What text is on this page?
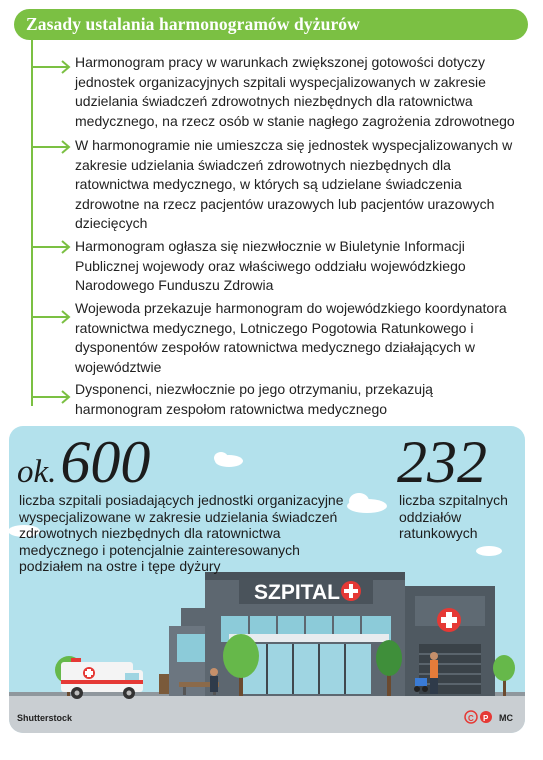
Zasady ustalania harmonogramów dyżurów
Harmonogram pracy w warunkach zwiększonej gotowości dotyczy jednostek organizacyjnych szpitali wyspecjalizowanych w zakresie udzielania świadczeń zdrowotnych niezbędnych dla ratownictwa medycznego, na rzecz osób w stanie nagłego zagrożenia zdrowotnego
W harmonogramie nie umieszcza się jednostek wyspecjalizowanych w zakresie udzielania świadczeń zdrowotnych niezbędnych dla ratownictwa medycznego, w których są udzielane świadczenia zdrowotne na rzecz pacjentów urazowych lub pacjentów urazowych dziecięcych
Harmonogram ogłasza się niezwłocznie w Biuletynie Informacji Publicznej wojewody oraz właściwego oddziału wojewódzkiego Narodowego Funduszu Zdrowia
Wojewoda przekazuje harmonogram do wojewódzkiego koordynatora ratownictwa medycznego, Lotniczego Pogotowia Ratunkowego i dysponentów zespołów ratownictwa medycznego działających w województwie
Dysponenci, niezwłocznie po jego otrzymaniu, przekazują harmonogram zespołom ratownictwa medycznego
SZPITAL
C P
ok. 600
liczba szpitali posiadających jednostki organizacyjne wyspecjalizowane w zakresie udzielania świadczeń zdrowotnych niezbędnych dla ratownictwa medycznego i potencjalnie zainteresowanych podziałem na ostre i tępe dyżury
232
liczba szpitalnych oddziałów ratunkowych
Shutterstock	MC
